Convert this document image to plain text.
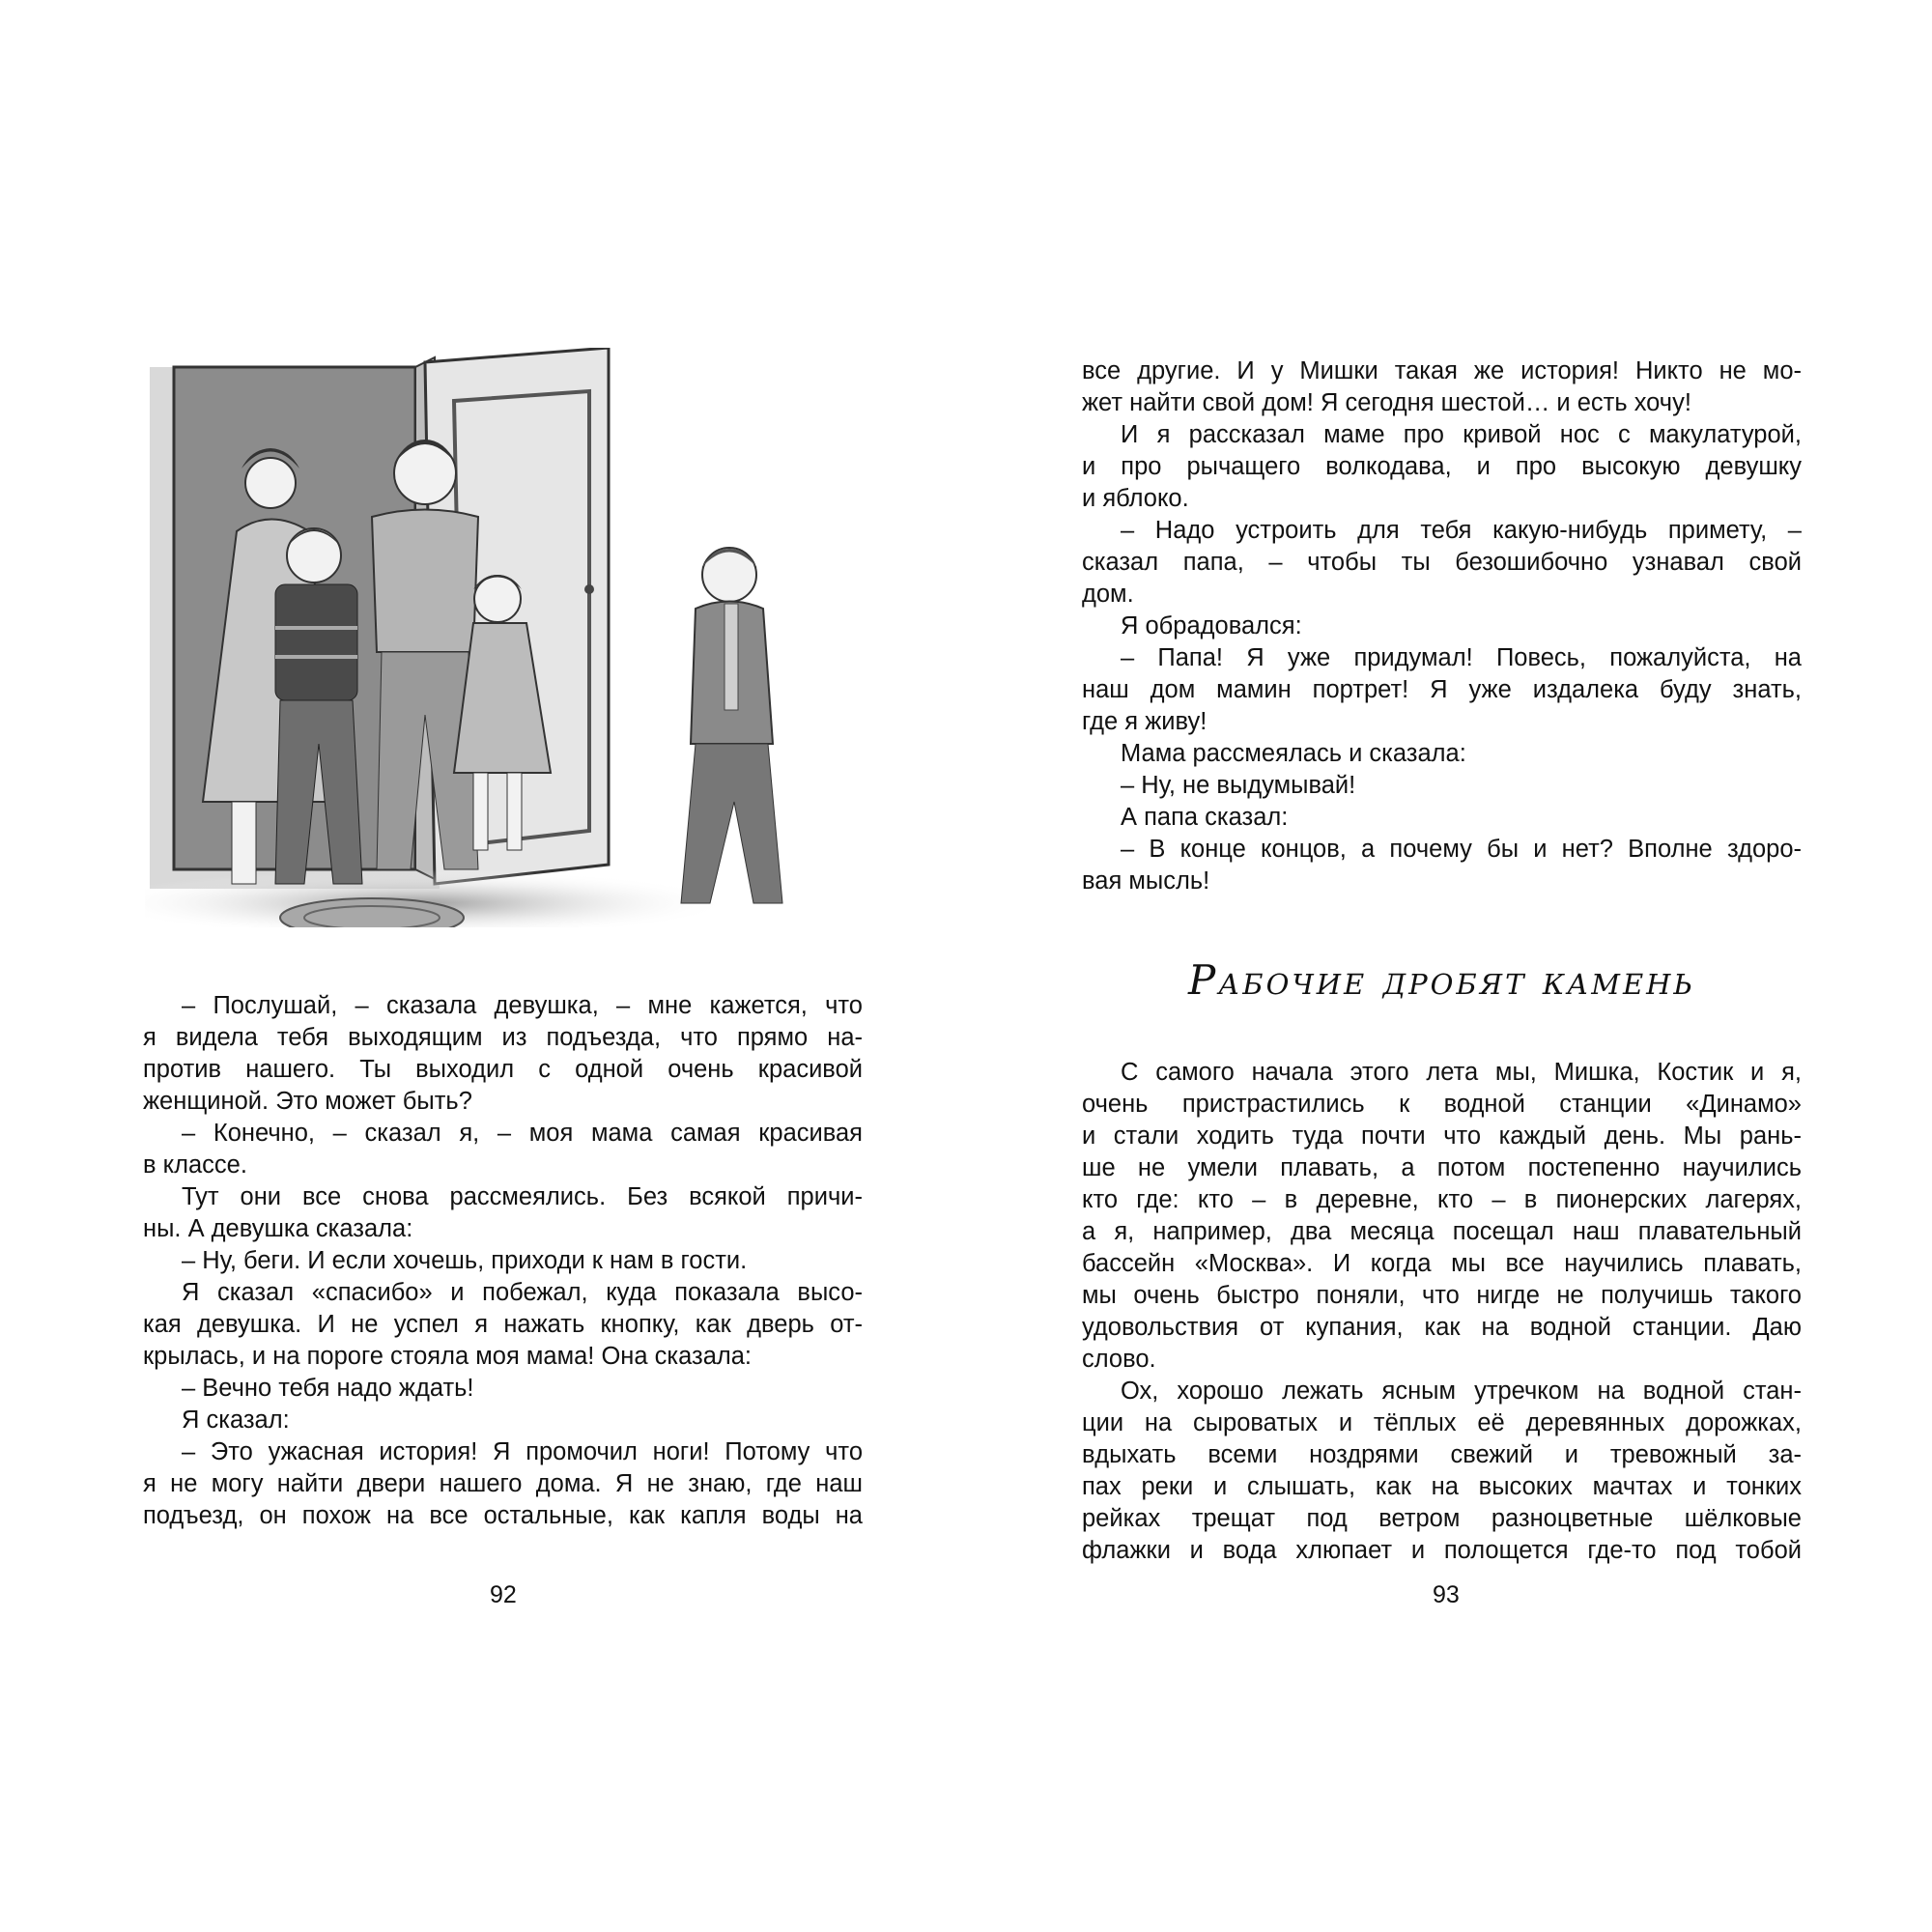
– Послушай, – сказала девушка, – мне кажется, что
я видела тебя выходящим из подъезда, что прямо на-
против нашего. Ты выходил с одной очень красивой
женщиной. Это может быть?
– Конечно, – сказал я, – моя мама самая красивая
в классе.
Тут они все снова рассмеялись. Без всякой причи-
ны. А девушка сказала:
– Ну, беги. И если хочешь, приходи к нам в гости.
Я сказал «спасибо» и побежал, куда показала высо-
кая девушка. И не успел я нажать кнопку, как дверь от-
крылась, и на пороге стояла моя мама! Она сказала:
– Вечно тебя надо ждать!
Я сказал:
– Это ужасная история! Я промочил ноги! Потому что
я не могу найти двери нашего дома. Я не знаю, где наш
подъезд, он похож на все остальные, как капля воды на
92
все другие. И у Мишки такая же история! Никто не мо-
жет найти свой дом! Я сегодня шестой… и есть хочу!
И я рассказал маме про кривой нос с макулатурой,
и про рычащего волкодава, и про высокую девушку
и яблоко.
– Надо устроить для тебя какую-нибудь примету, –
сказал папа, – чтобы ты безошибочно узнавал свой
дом.
Я обрадовался:
– Папа! Я уже придумал! Повесь, пожалуйста, на
наш дом мамин портрет! Я уже издалека буду знать,
где я живу!
Мама рассмеялась и сказала:
– Ну, не выдумывай!
А папа сказал:
– В конце концов, а почему бы и нет? Вполне здоро-
вая мысль!
Рабочие дробят камень
С самого начала этого лета мы, Мишка, Костик и я,
очень пристрастились к водной станции «Динамо»
и стали ходить туда почти что каждый день. Мы рань-
ше не умели плавать, а потом постепенно научились
кто где: кто – в деревне, кто – в пионерских лагерях,
а я, например, два месяца посещал наш плавательный
бассейн «Москва». И когда мы все научились плавать,
мы очень быстро поняли, что нигде не получишь такого
удовольствия от купания, как на водной станции. Даю
слово.
Ох, хорошо лежать ясным утречком на водной стан-
ции на сыроватых и тёплых её деревянных дорожках,
вдыхать всеми ноздрями свежий и тревожный за-
пах реки и слышать, как на высоких мачтах и тонких
рейках трещат под ветром разноцветные шёлковые
флажки и вода хлюпает и полощется где-то под тобой
93
